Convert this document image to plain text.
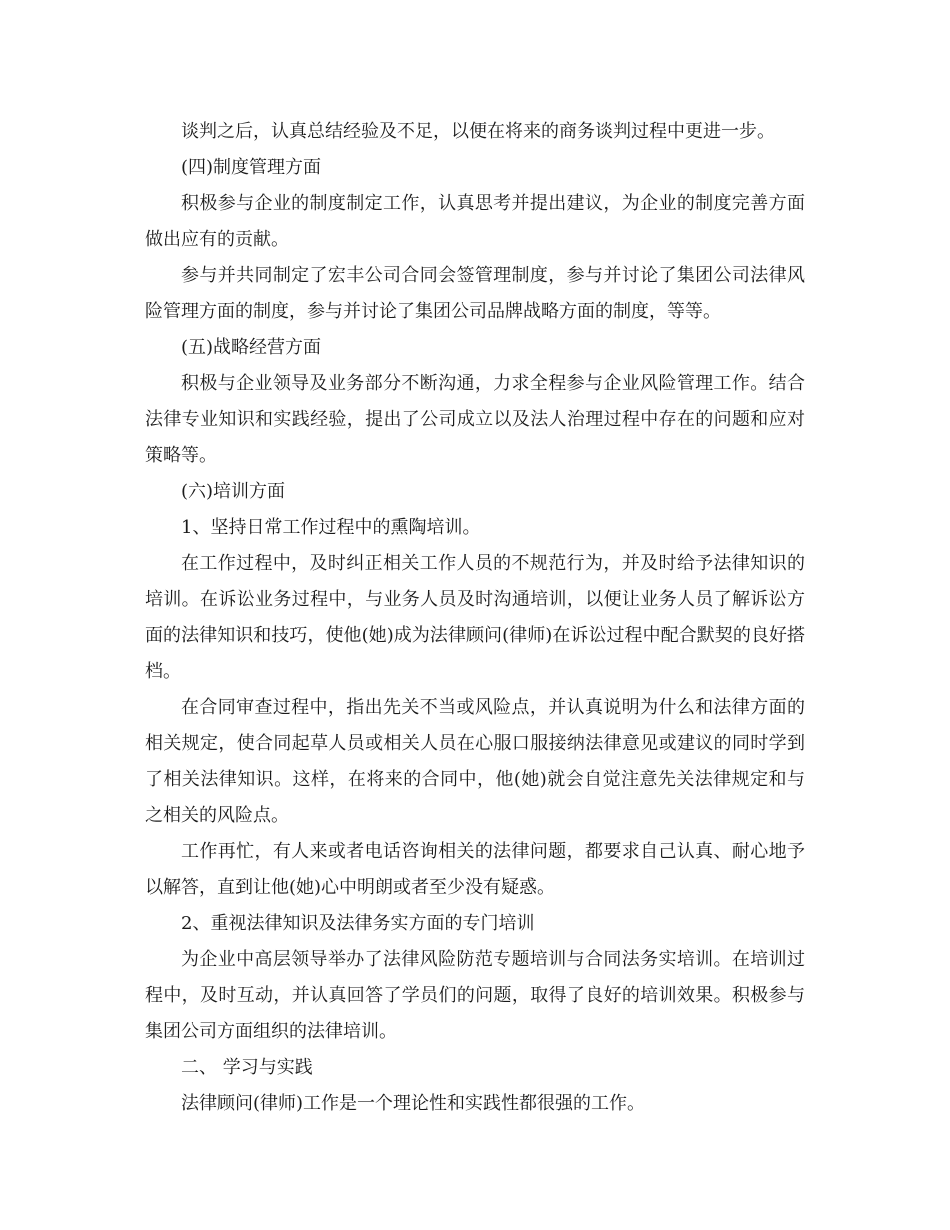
谈判之后，认真总结经验及不足，以便在将来的商务谈判过程中更进一步。

(四)制度管理方面

积极参与企业的制度制定工作，认真思考并提出建议，为企业的制度完善方面做出应有的贡献。

参与并共同制定了宏丰公司合同会签管理制度，参与并讨论了集团公司法律风险管理方面的制度，参与并讨论了集团公司品牌战略方面的制度，等等。

(五)战略经营方面

积极与企业领导及业务部分不断沟通，力求全程参与企业风险管理工作。结合法律专业知识和实践经验，提出了公司成立以及法人治理过程中存在的问题和应对策略等。

(六)培训方面

1、坚持日常工作过程中的熏陶培训。

在工作过程中，及时纠正相关工作人员的不规范行为，并及时给予法律知识的培训。在诉讼业务过程中，与业务人员及时沟通培训，以便让业务人员了解诉讼方面的法律知识和技巧，使他(她)成为法律顾问(律师)在诉讼过程中配合默契的良好搭档。

在合同审查过程中，指出先关不当或风险点，并认真说明为什么和法律方面的相关规定，使合同起草人员或相关人员在心服口服接纳法律意见或建议的同时学到了相关法律知识。这样，在将来的合同中，他(她)就会自觉注意先关法律规定和与之相关的风险点。

工作再忙，有人来或者电话咨询相关的法律问题，都要求自己认真、耐心地予以解答，直到让他(她)心中明朗或者至少没有疑惑。

2、重视法律知识及法律务实方面的专门培训

为企业中高层领导举办了法律风险防范专题培训与合同法务实培训。在培训过程中，及时互动，并认真回答了学员们的问题，取得了良好的培训效果。积极参与集团公司方面组织的法律培训。

二、 学习与实践

法律顾问(律师)工作是一个理论性和实践性都很强的工作。
